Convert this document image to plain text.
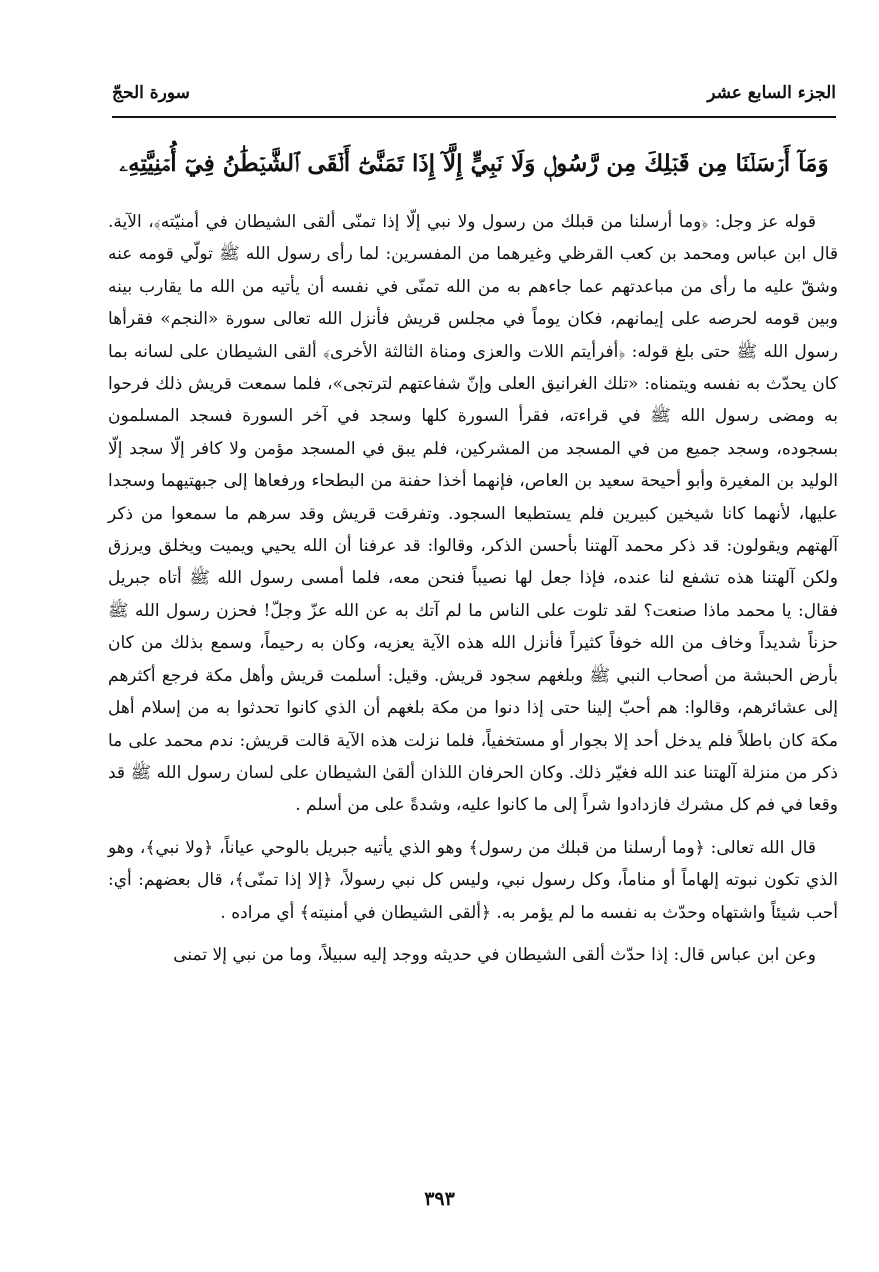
الجزء السابع عشر
سورة الحجّ
وَمَآ أَرۡسَلۡنَا مِن قَبۡلِكَ مِن رَّسُولٖ وَلَا نَبِيٍّ إِلَّآ إِذَا تَمَنَّىٰٓ أَلۡقَى ٱلشَّيۡطَٰنُ فِيٓ أُمۡنِيَّتِهِۦ

قوله عز وجل: ﴿وما أرسلنا من قبلك من رسول ولا نبي إلّا إذا تمنّى ألقى الشيطان في أمنيّته﴾، الآية. قال ابن عباس ومحمد بن كعب القرظي وغيرهما من المفسرين: لما رأى رسول الله ﷺ تولّي قومه عنه وشقّ عليه ما رأى من مباعدتهم عما جاءهم به من الله تمنّى في نفسه أن يأتيه من الله ما يقارب بينه وبين قومه لحرصه على إيمانهم، فكان يوماً في مجلس قريش فأنزل الله تعالى سورة «النجم» فقرأها رسول الله ﷺ حتى بلغ قوله: ﴿أفرأيتم اللات والعزى ومناة الثالثة الأخرى﴾ ألقى الشيطان على لسانه بما كان يحدّث به نفسه ويتمناه: «تلك الغرانيق العلى وإنّ شفاعتهم لترتجى»، فلما سمعت قريش ذلك فرحوا به ومضى رسول الله ﷺ في قراءته، فقرأ السورة كلها وسجد في آخر السورة فسجد المسلمون بسجوده، وسجد جميع من في المسجد من المشركين، فلم يبق في المسجد مؤمن ولا كافر إلّا سجد إلّا الوليد بن المغيرة وأبو أحيحة سعيد بن العاص، فإنهما أخذا حفنة من البطحاء ورفعاها إلى جبهتيهما وسجدا عليها، لأنهما كانا شيخين كبيرين فلم يستطيعا السجود. وتفرقت قريش وقد سرهم ما سمعوا من ذكر آلهتهم ويقولون: قد ذكر محمد آلهتنا بأحسن الذكر، وقالوا: قد عرفنا أن الله يحيي ويميت ويخلق ويرزق ولكن آلهتنا هذه تشفع لنا عنده، فإذا جعل لها نصيباً فنحن معه، فلما أمسى رسول الله ﷺ أتاه جبريل فقال: يا محمد ماذا صنعت؟ لقد تلوت على الناس ما لم آتك به عن الله عزّ وجلّ! فحزن رسول الله ﷺ حزناً شديداً وخاف من الله خوفاً كثيراً فأنزل الله هذه الآية يعزيه، وكان به رحيماً، وسمع بذلك من كان بأرض الحبشة من أصحاب النبي ﷺ وبلغهم سجود قريش. وقيل: أسلمت قريش وأهل مكة فرجع أكثرهم إلى عشائرهم، وقالوا: هم أحبّ إلينا حتى إذا دنوا من مكة بلغهم أن الذي كانوا تحدثوا به من إسلام أهل مكة كان باطلاً فلم يدخل أحد إلا بجوار أو مستخفياً، فلما نزلت هذه الآية قالت قريش: ندم محمد على ما ذكر من منزلة آلهتنا عند الله فغيّر ذلك. وكان الحرفان اللذان ألقىٰ الشيطان على لسان رسول الله ﷺ قد وقعا في فم كل مشرك فازدادوا شراً إلى ما كانوا عليه، وشدةً على من أسلم .

قال الله تعالى: ﴿وما أرسلنا من قبلك من رسول﴾ وهو الذي يأتيه جبريل بالوحي عياناً، ﴿ولا نبي﴾، وهو الذي تكون نبوته إلهاماً أو مناماً، وكل رسول نبي، وليس كل نبي رسولاً، ﴿إلا إذا تمنّى﴾، قال بعضهم: أي: أحب شيئاً واشتهاه وحدّث به نفسه ما لم يؤمر به. ﴿ألقى الشيطان في أمنيته﴾ أي مراده .

وعن ابن عباس قال: إذا حدّث ألقى الشيطان في حديثه ووجد إليه سبيلاً، وما من نبي إلا تمنى

٣٩٣
